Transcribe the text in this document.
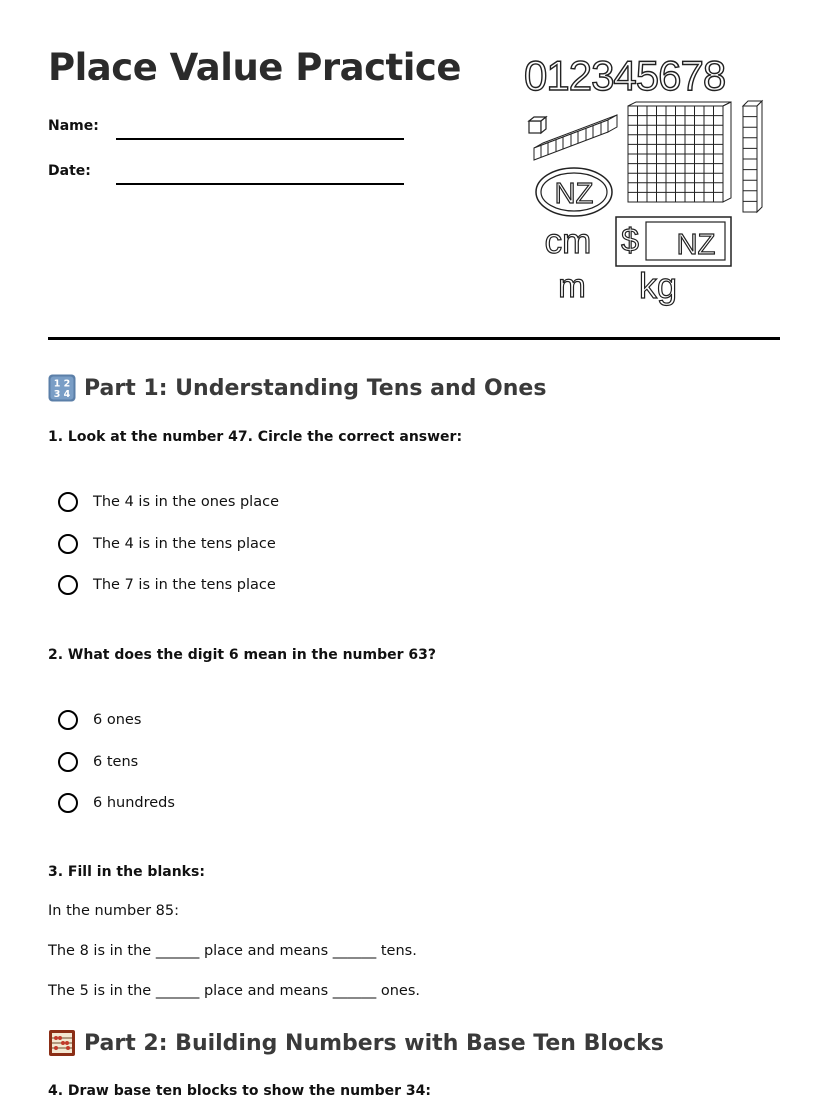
Place Value Practice
Name:
Date:
012345678
NZ
$ NZ
cm
m kg
1 2
3 4 Part 1: Understanding Tens and Ones
1. Look at the number 47. Circle the correct answer:
The 4 is in the ones place
The 4 is in the tens place
The 7 is in the tens place
2. What does the digit 6 mean in the number 63?
6 ones
6 tens
6 hundreds
3. Fill in the blanks:
In the number 85:
The 8 is in the ______ place and means ______ tens.
The 5 is in the ______ place and means ______ ones.
Part 2: Building Numbers with Base Ten Blocks
4. Draw base ten blocks to show the number 34:
